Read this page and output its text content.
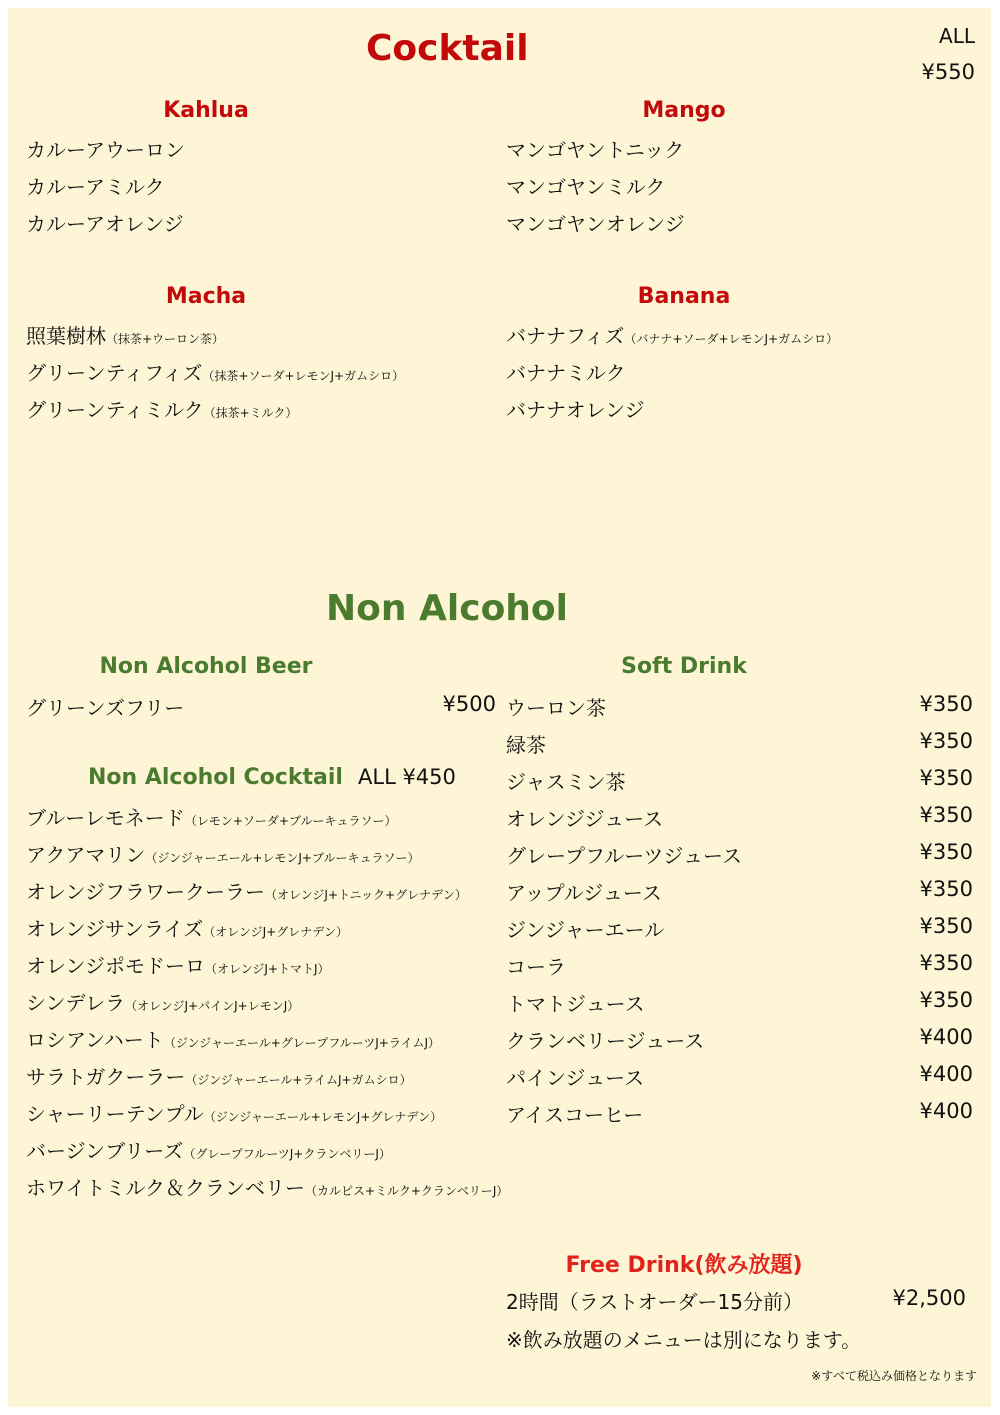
Cocktail	ALL
¥550
Kahlua
カルーアウーロン
カルーアミルク
カルーアオレンジ
Mango
マンゴヤントニック
マンゴヤンミルク
マンゴヤンオレンジ
Macha
照葉樹林（抹茶+ウーロン茶）
グリーンティフィズ（抹茶+ソーダ+レモンJ+ガムシロ）
グリーンティミルク（抹茶+ミルク）
Banana
バナナフィズ（バナナ+ソーダ+レモンJ+ガムシロ）
バナナミルク
バナナオレンジ
Non Alcohol
Non Alcohol Beer
グリーンズフリー	¥500
Non Alcohol Cocktail ALL ¥450
ブルーレモネード（レモン+ソーダ+ブルーキュラソー）
アクアマリン（ジンジャーエール+レモンJ+ブルーキュラソー）
オレンジフラワークーラー（オレンジJ+トニック+グレナデン）
オレンジサンライズ（オレンジJ+グレナデン）
オレンジポモドーロ（オレンジJ+トマトJ）
シンデレラ（オレンジJ+パインJ+レモンJ）
ロシアンハート（ジンジャーエール+グレープフルーツJ+ライムJ）
サラトガクーラー（ジンジャーエール+ライムJ+ガムシロ）
シャーリーテンプル（ジンジャーエール+レモンJ+グレナデン）
バージンブリーズ（グレープフルーツJ+クランベリーJ）
ホワイトミルク＆クランベリー（カルピス+ミルク+クランベリーJ）
Soft Drink
ウーロン茶	¥350
緑茶	¥350
ジャスミン茶	¥350
オレンジジュース	¥350
グレープフルーツジュース	¥350
アップルジュース	¥350
ジンジャーエール	¥350
コーラ	¥350
トマトジュース	¥350
クランベリージュース	¥400
パインジュース	¥400
アイスコーヒー	¥400
Free Drink(飲み放題)
2時間（ラストオーダー15分前）	¥2,500
※飲み放題のメニューは別になります。
※すべて税込み価格となります
